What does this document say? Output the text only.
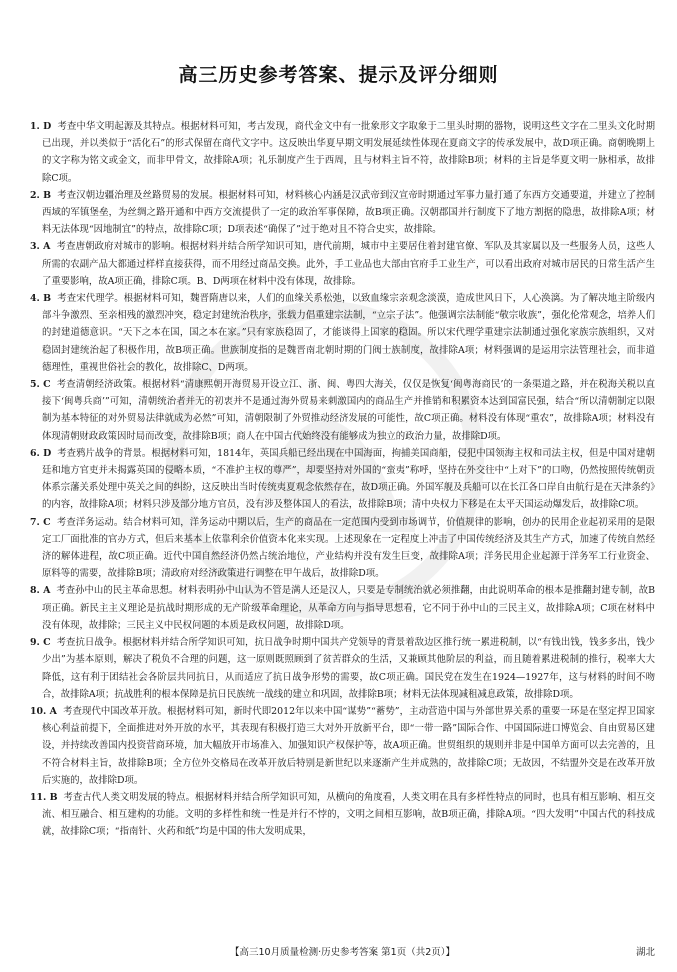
高三历史参考答案、提示及评分细则

1. D 考查中华文明起源及其特点。根据材料可知，考古发现，商代金文中有一批象形文字取象于二里头时期的器物，说明这些文字在二里头文化时期已出现，并以类似于“活化石”的形式保留在商代文字中。这反映出华夏早期文明发展延续性体现在夏商文字的传承发展中，故D项正确。商朝晚期上的文字称为铭文或金文，而非甲骨文，故排除A项；礼乐制度产生于西周，且与材料主旨不符，故排除B项；材料的主旨是华夏文明一脉相承，故排除C项。

2. B 考查汉朝边疆治理及丝路贸易的发展。根据材料可知，材料核心内涵是汉武帝到汉宣帝时期通过军事力量打通了东西方交通要道，并建立了控制西域的军镇堡垒，为丝绸之路开通和中西方交流提供了一定的政治军事保障，故B项正确。汉朝郡国并行制度下了地方割据的隐患，故排除A项；材料无法体现“因地制宜”的特点，故排除C项；D项表述“确保了”过于绝对且不符合史实，故排除。

3. A 考查唐朝政府对城市的影响。根据材料并结合所学知识可知，唐代前期，城市中主要居住着封建官僚、军队及其家属以及一些服务人员，这些人所需的农副产品大都通过样样直接获得，而不用经过商品交换。此外，手工业品也大部由官府手工业生产，可以看出政府对城市居民的日常生活产生了重要影响，故A项正确，排除C项。B、D两项在材料中没有体现，故排除。

4. B 考查宋代理学。根据材料可知，魏晋隋唐以来，人们的血缘关系松弛，以致血缘宗亲观念淡漠，造成世风日下，人心涣漓。为了解决地主阶级内部斗争激烈、至亲相残的激烈冲突，稳定封建统治秩序，张载力倡重建宗法制，“立宗子法”。他强调宗法制能“敬宗收族”，强化伦常观念，培养人们的封建道德意识。“天下之本在国，国之本在家。”只有家族稳固了，才能谈得上国家的稳固。所以宋代理学重建宗法制通过强化家族宗族组织，又对稳固封建统治起了积极作用，故B项正确。世族制度指的是魏晋南北朝时期的门阀士族制度，故排除A项；材料强调的是运用宗法管理社会，而非道德理性，重视世俗社会的教化，故排除C、D两项。

5. C 考查清朝经济政策。根据材料“清康熙朝开海贸易开设立江、浙、闽、粤四大海关，仅仅是恢复‘闽粤海商民’的一条渠道之路，并在税海关税以直接下‘闽粤兵商’”可知，清朝统治者并无的初衷并不是通过海外贸易来刺激国内的商品生产并推销和积累资本达到国富民强，结合“所以清朝制定以限制为基本特征的对外贸易法律就成为必然”可知，清朝限制了外贸推动经济发展的可能性，故C项正确。材料没有体现“重农”，故排除A项；材料没有体现清朝财政政策因时局而改变，故排除B项；商人在中国古代始终没有能够成为独立的政治力量，故排除D项。

6. D 考查鸦片战争的背景。根据材料可知，1814年，英国兵船已经出现在中国海面，拘捕美国商船，侵犯中国领海主权和司法主权，但是中国对建朝廷和地方官吏并未揭露英国的侵略本质，“不准护主权的尊严”，却要坚持对外国的“蛮夷”称呼，坚持在外交往中“上对下”的口吻，仍然按照传统朝贡体系宗藩关系处理中英关之间的纠纷，这反映出当时传统夷夏观念依然存在，故D项正确。外国军舰及兵船可以在长江各口岸自由航行是在天津条约》的内容，故排除A项；材料只涉及部分地方官员，没有涉及整体国人的看法，故排除B项；清中央权力下移是在太平天国运动爆发后，故排除C项。

7. C 考查洋务运动。结合材料可知，洋务运动中期以后，生产的商品在一定范围内受到市场调节，价值规律的影响，创办的民用企业起初采用的是限定工厂面批准的官办方式，但后来基本上依靠利余价值资本化来实现。上述现象在一定程度上冲击了中国传统经济及其生产方式，加速了传统自然经济的解体进程，故C项正确。近代中国自然经济仍然占统治地位，产业结构并没有发生巨变，故排除A项；洋务民用企业起源于洋务军工行业资金、原料等的需要，故排除B项；清政府对经济政策进行调整在甲午战后，故排除D项。

8. A 考查孙中山的民主革命思想。材料表明孙中山认为不管是满人还是汉人，只要是专制统治就必须推翻，由此说明革命的根本是推翻封建专制，故B项正确。新民主主义理论是抗战时期形成的无产阶级革命理论，从革命方向与指导思想看，它不同于孙中山的三民主义，故排除A项；C项在材料中没有体现，故排除；三民主义中民权问题的本质是政权问题，故排除D项。

9. C 考查抗日战争。根据材料并结合所学知识可知，抗日战争时期中国共产党领导的背景着敌边区推行统一累进税制，以“有钱出钱，钱多多出，钱少少出”为基本原则，解决了税负不合理的问题，这一原则既照顾到了贫苦群众的生活，又兼顾其他阶层的利益，而且随着累进税制的推行，税率大大降低，这有利于团结社会各阶层共同抗日，从而适应了抗日战争形势的需要，故C项正确。国民党在发生在1924—1927年，这与材料的时间不吻合，故排除A项；抗战胜利的根本保障是抗日民族统一战线的建立和巩固，故排除B项；材料无法体现减租减息政策，故排除D项。

10. A 考查现代中国改革开放。根据材料可知，新时代即2012年以来中国“谋势”“蓄势”，主动营造中国与外部世界关系的重要一环是在坚定捍卫国家核心利益前提下，全面推进对外开放的水平，其表现有积极打造三大对外开放新平台，即“一带一路”国际合作、中国国际进口博览会、自由贸易区建设，并持续改善国内投资营商环境，加大幅放开市场准入、加强知识产权保护等，故A项正确。世贸组织的规则并非是中国单方面可以去完善的，且不符合材料主旨，故排除B项；全方位外交格局在改革开放后特别是新世纪以来逐渐产生并成熟的，故排除C项；无故因，不结盟外交是在改革开放后实施的，故排除D项。

11. B 考查古代人类文明发展的特点。根据材料并结合所学知识可知，从横向的角度看，人类文明在具有多样性特点的同时，也具有相互影响、相互交流、相互融合、相互建构的功能。文明的多样性和统一性是并行不悖的，文明之间相互影响，故B项正确，排除A项。“四大发明”中国古代的科技成就，故排除C项；“指南针、火药和纸”均是中国的伟大发明成果，

【高三10月质量检测·历史参考答案 第1页（共2页）】	湖北
